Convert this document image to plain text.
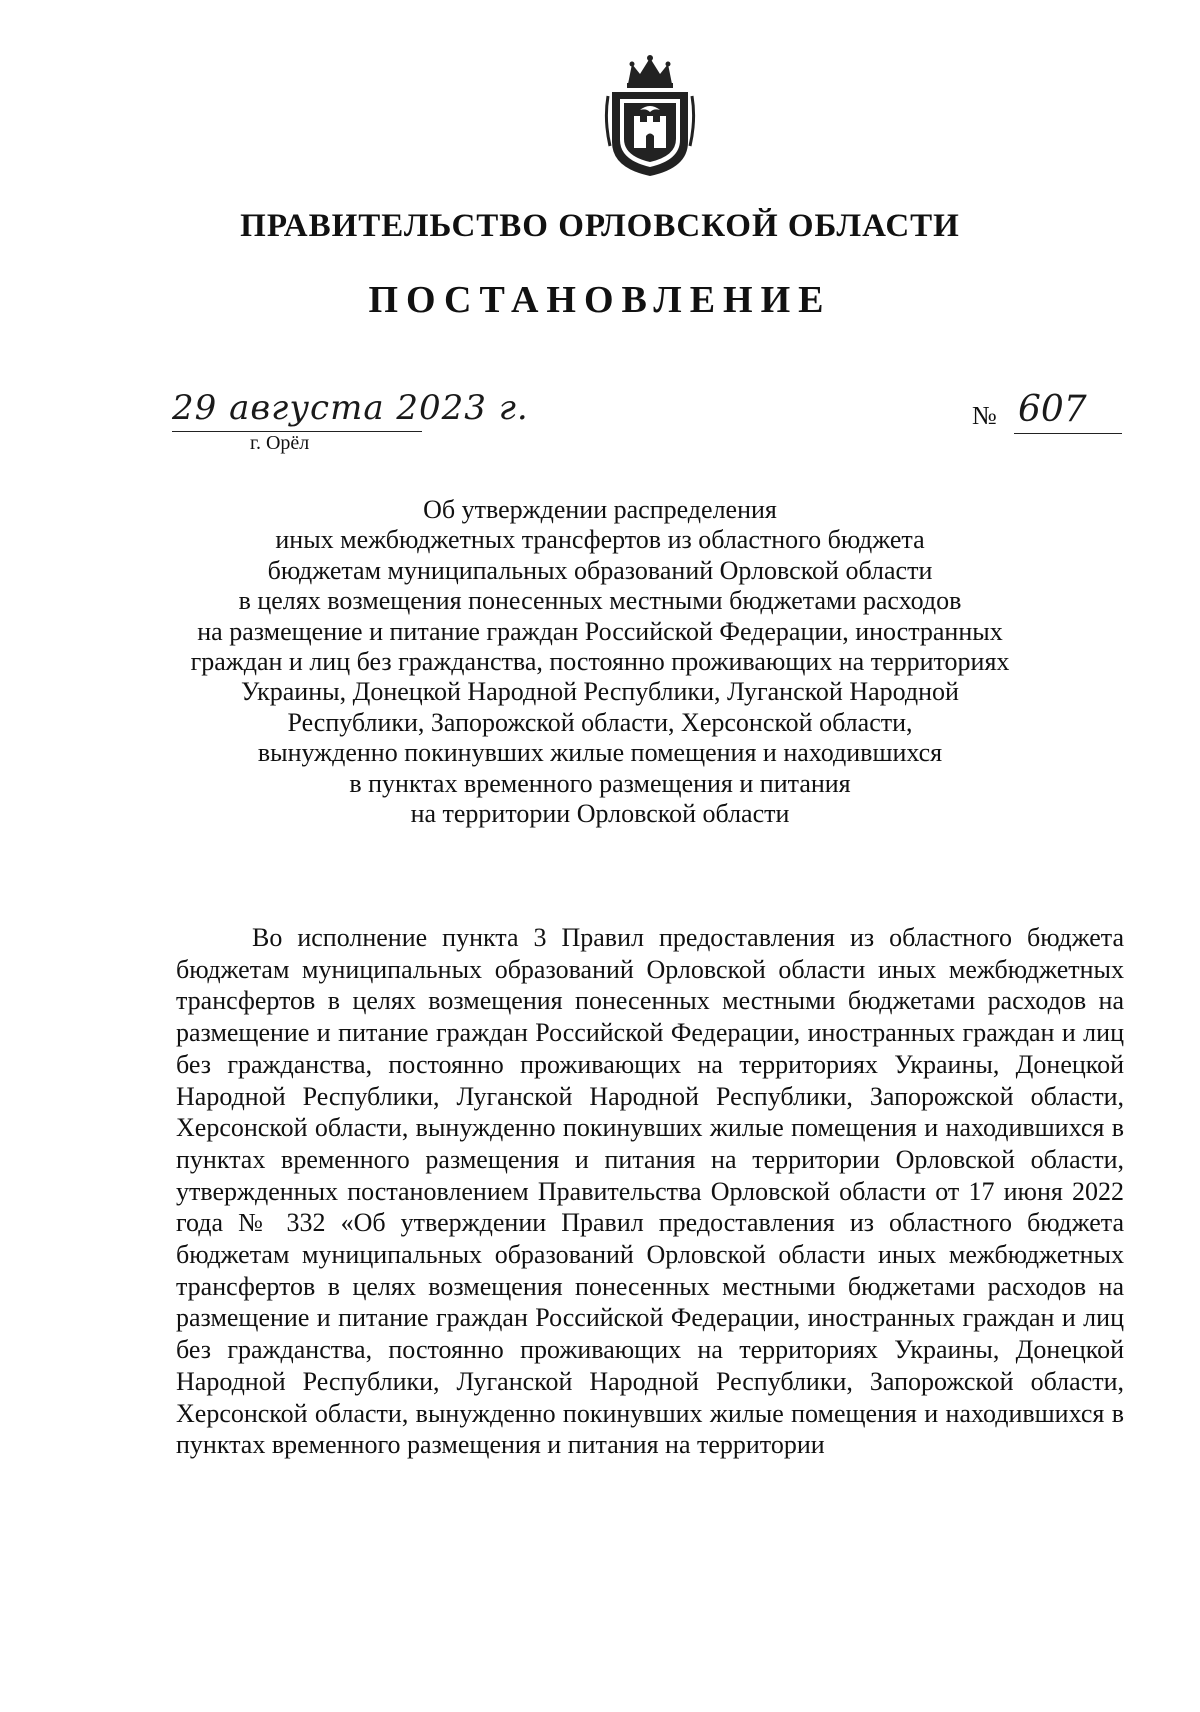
ПРАВИТЕЛЬСТВО ОРЛОВСКОЙ ОБЛАСТИ
ПОСТАНОВЛЕНИЕ
29 августа 2023 г.
г. Орёл
№ 607
Об утверждении распределения
иных межбюджетных трансфертов из областного бюджета
бюджетам муниципальных образований Орловской области
в целях возмещения понесенных местными бюджетами расходов
на размещение и питание граждан Российской Федерации, иностранных
граждан и лиц без гражданства, постоянно проживающих на территориях
Украины, Донецкой Народной Республики, Луганской Народной
Республики, Запорожской области, Херсонской области,
вынужденно покинувших жилые помещения и находившихся
в пунктах временного размещения и питания
на территории Орловской области

Во исполнение пункта 3 Правил предоставления из областного бюджета бюджетам муниципальных образований Орловской области иных межбюджетных трансфертов в целях возмещения понесенных местными бюджетами расходов на размещение и питание граждан Российской Федерации, иностранных граждан и лиц без гражданства, постоянно проживающих на территориях Украины, Донецкой Народной Республики, Луганской Народной Республики, Запорожской области, Херсонской области, вынужденно покинувших жилые помещения и находившихся в пунктах временного размещения и питания на территории Орловской области, утвержденных постановлением Правительства Орловской области от 17 июня 2022 года № 332 «Об утверждении Правил предоставления из областного бюджета бюджетам муниципальных образований Орловской области иных межбюджетных трансфертов в целях возмещения понесенных местными бюджетами расходов на размещение и питание граждан Российской Федерации, иностранных граждан и лиц без гражданства, постоянно проживающих на территориях Украины, Донецкой Народной Республики, Луганской Народной Республики, Запорожской области, Херсонской области, вынужденно покинувших жилые помещения и находившихся в пунктах временного размещения и питания на территории
